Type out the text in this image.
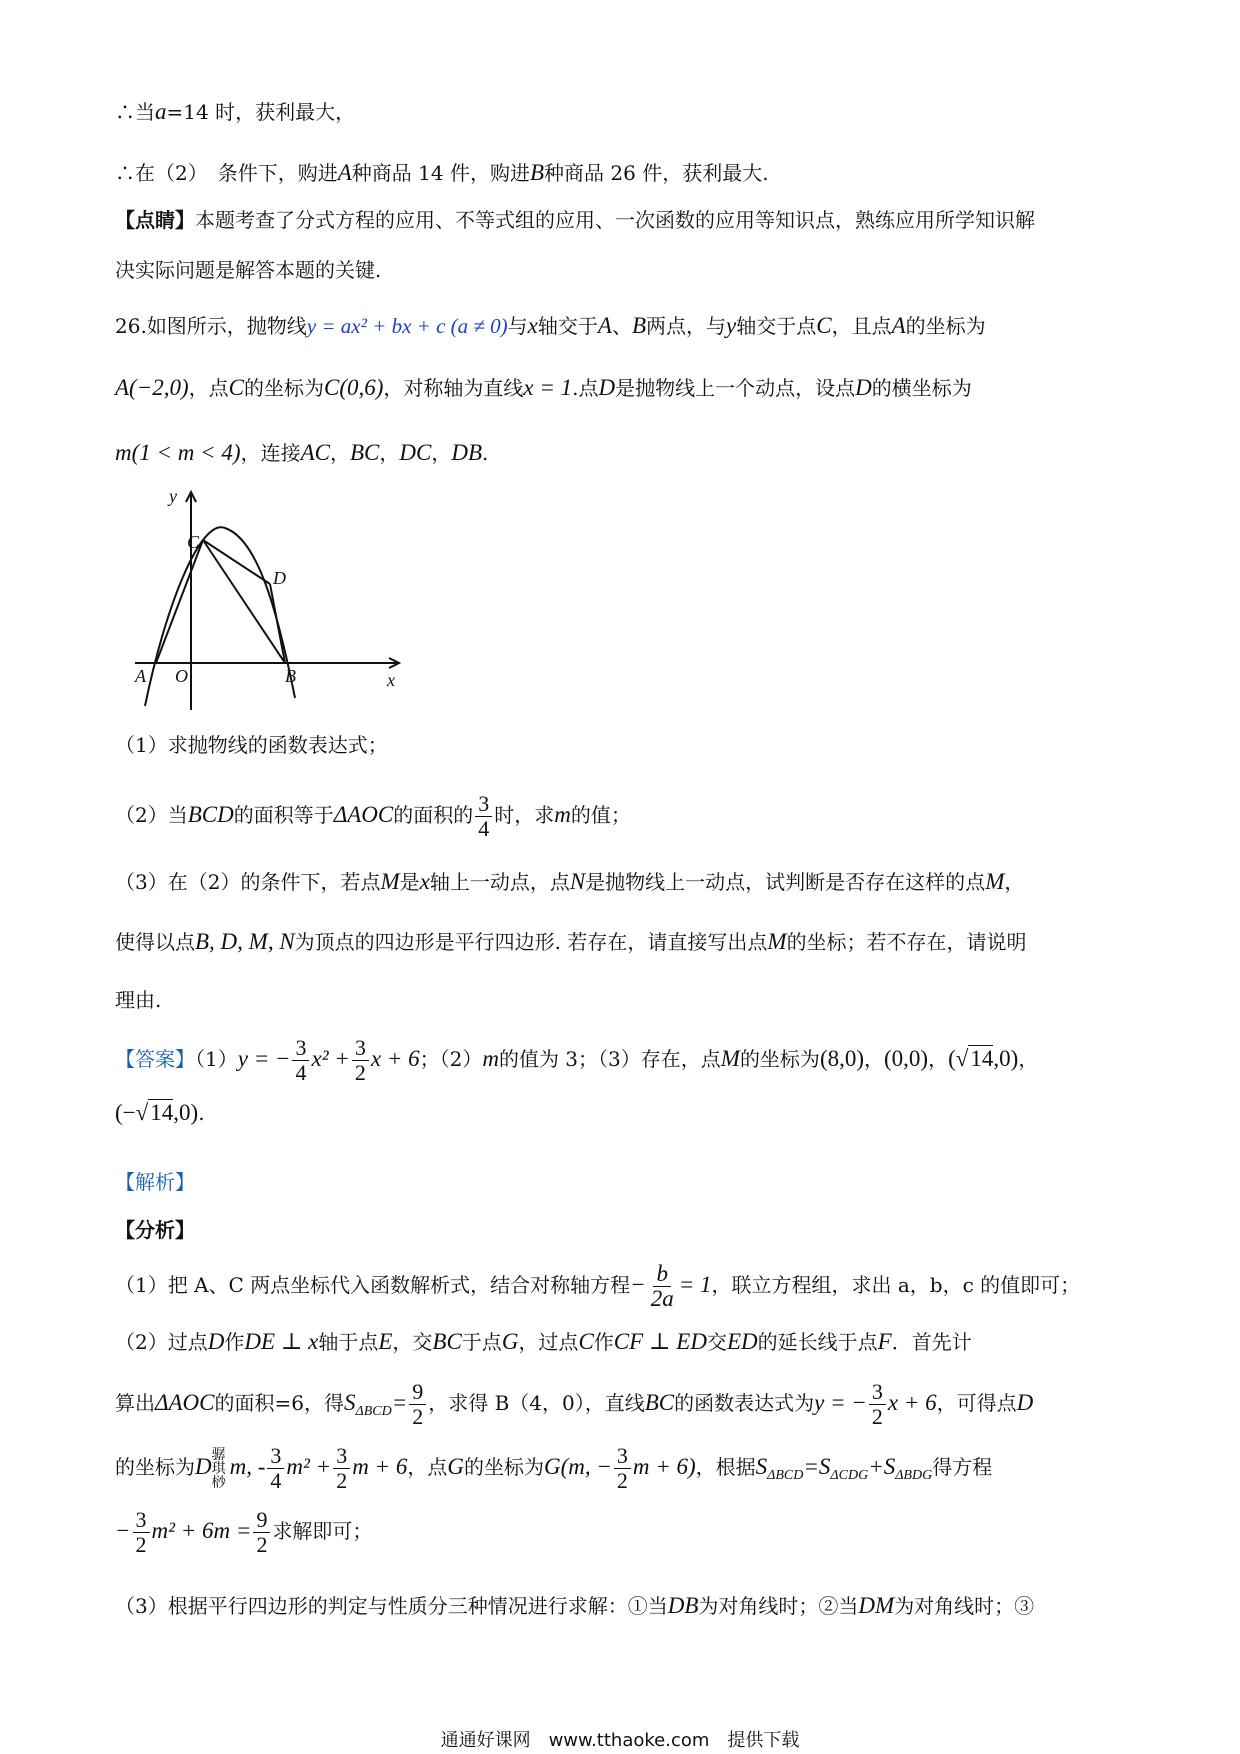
∴当a=14 时，获利最大，
∴在（2）　条件下，购进A种商品 14 件，购进B种商品 26 件，获利最大.
【点睛】本题考查了分式方程的应用、不等式组的应用、一次函数的应用等知识点，熟练应用所学知识解
决实际问题是解答本题的关键.
26.如图所示，抛物线y = ax² + bx + c (a ≠ 0)与x轴交于A、B两点，与y轴交于点C，且点A的坐标为
A(−2,0)，点C的坐标为C(0,6)，对称轴为直线x = 1.点D是抛物线上一个动点，设点D的横坐标为
m(1 < m < 4)，连接AC，BC，DC，DB.
y
x
C
D
A O	B
（1）求抛物线的函数表达式；
（2）当BCD的面积等于ΔAOC的面积的 $\frac{3}{4}$ 时，求m的值；
（3）在（2）的条件下，若点M是x轴上一动点，点N是抛物线上一动点，试判断是否存在这样的点M，
使得以点B, D, M, N为顶点的四边形是平行四边形. 若存在，请直接写出点M的坐标；若不存在，请说明
理由.
【答案】（1）y = − $\frac{3}{4} x^2 + \frac{3}{2}$ x + 6；（2）m的值为 3；（3）存在，点M的坐标为(8,0)，(0,0)，(√14,0)，
(−√14,0).
【解析】
【分析】
（1）把 A、C 两点坐标代入函数解析式，结合对称轴方程− $\frac{b}{2a} = 1$，联立方程组，求出 a，b，c 的值即可；
（2）过点D作DE ⊥ x轴于点E，交BC于点G，过点C作CF ⊥ ED交ED的延长线于点F．首先计
算出ΔAOC的面积=6，得$S_{\Delta BCD}= \frac{9}{2}$ ，求得 B（4，0），直线BC的函数表达式为y = − $\frac{3}{2}$ x + 6，可得点D
的坐标为D骣琪桫m, - $\frac{3}{4} m^2 + \frac{3}{2}$ m + 6，点G的坐标为G(m, − $\frac{3}{2}$ m + 6)，根据$S_{\Delta BCD}=S_{\Delta CDG}+S_{\Delta BDG}$得方程
− $\frac{3}{2} m^2 + 6m = \frac{9}{2}$ 求解即可；
（3）根据平行四边形的判定与性质分三种情况进行求解：①当DB为对角线时；②当DM为对角线时；③
通通好课网　www.tthaoke.com　提供下载
